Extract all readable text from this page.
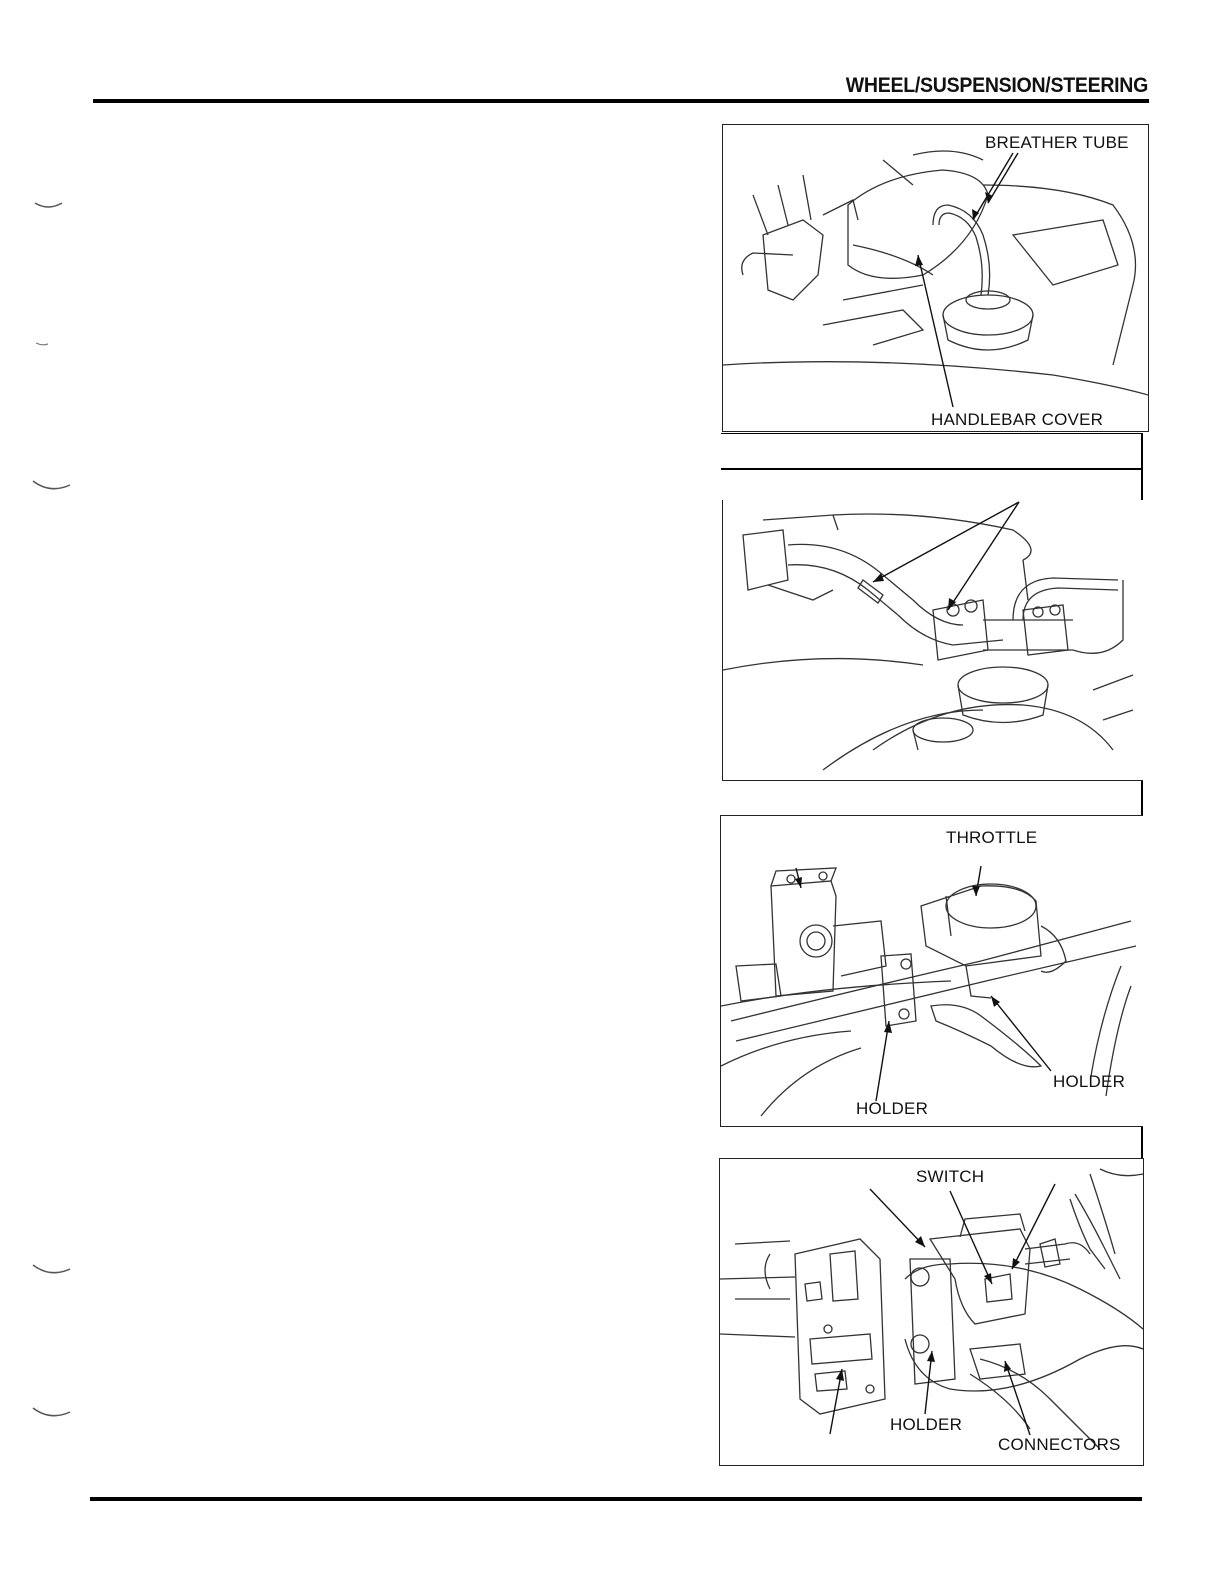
WHEEL/SUSPENSION/STEERING
BREATHER TUBE
HANDLEBAR COVER
THROTTLE
HOLDER
HOLDER
SWITCH
HOLDER
CONNECTORS
